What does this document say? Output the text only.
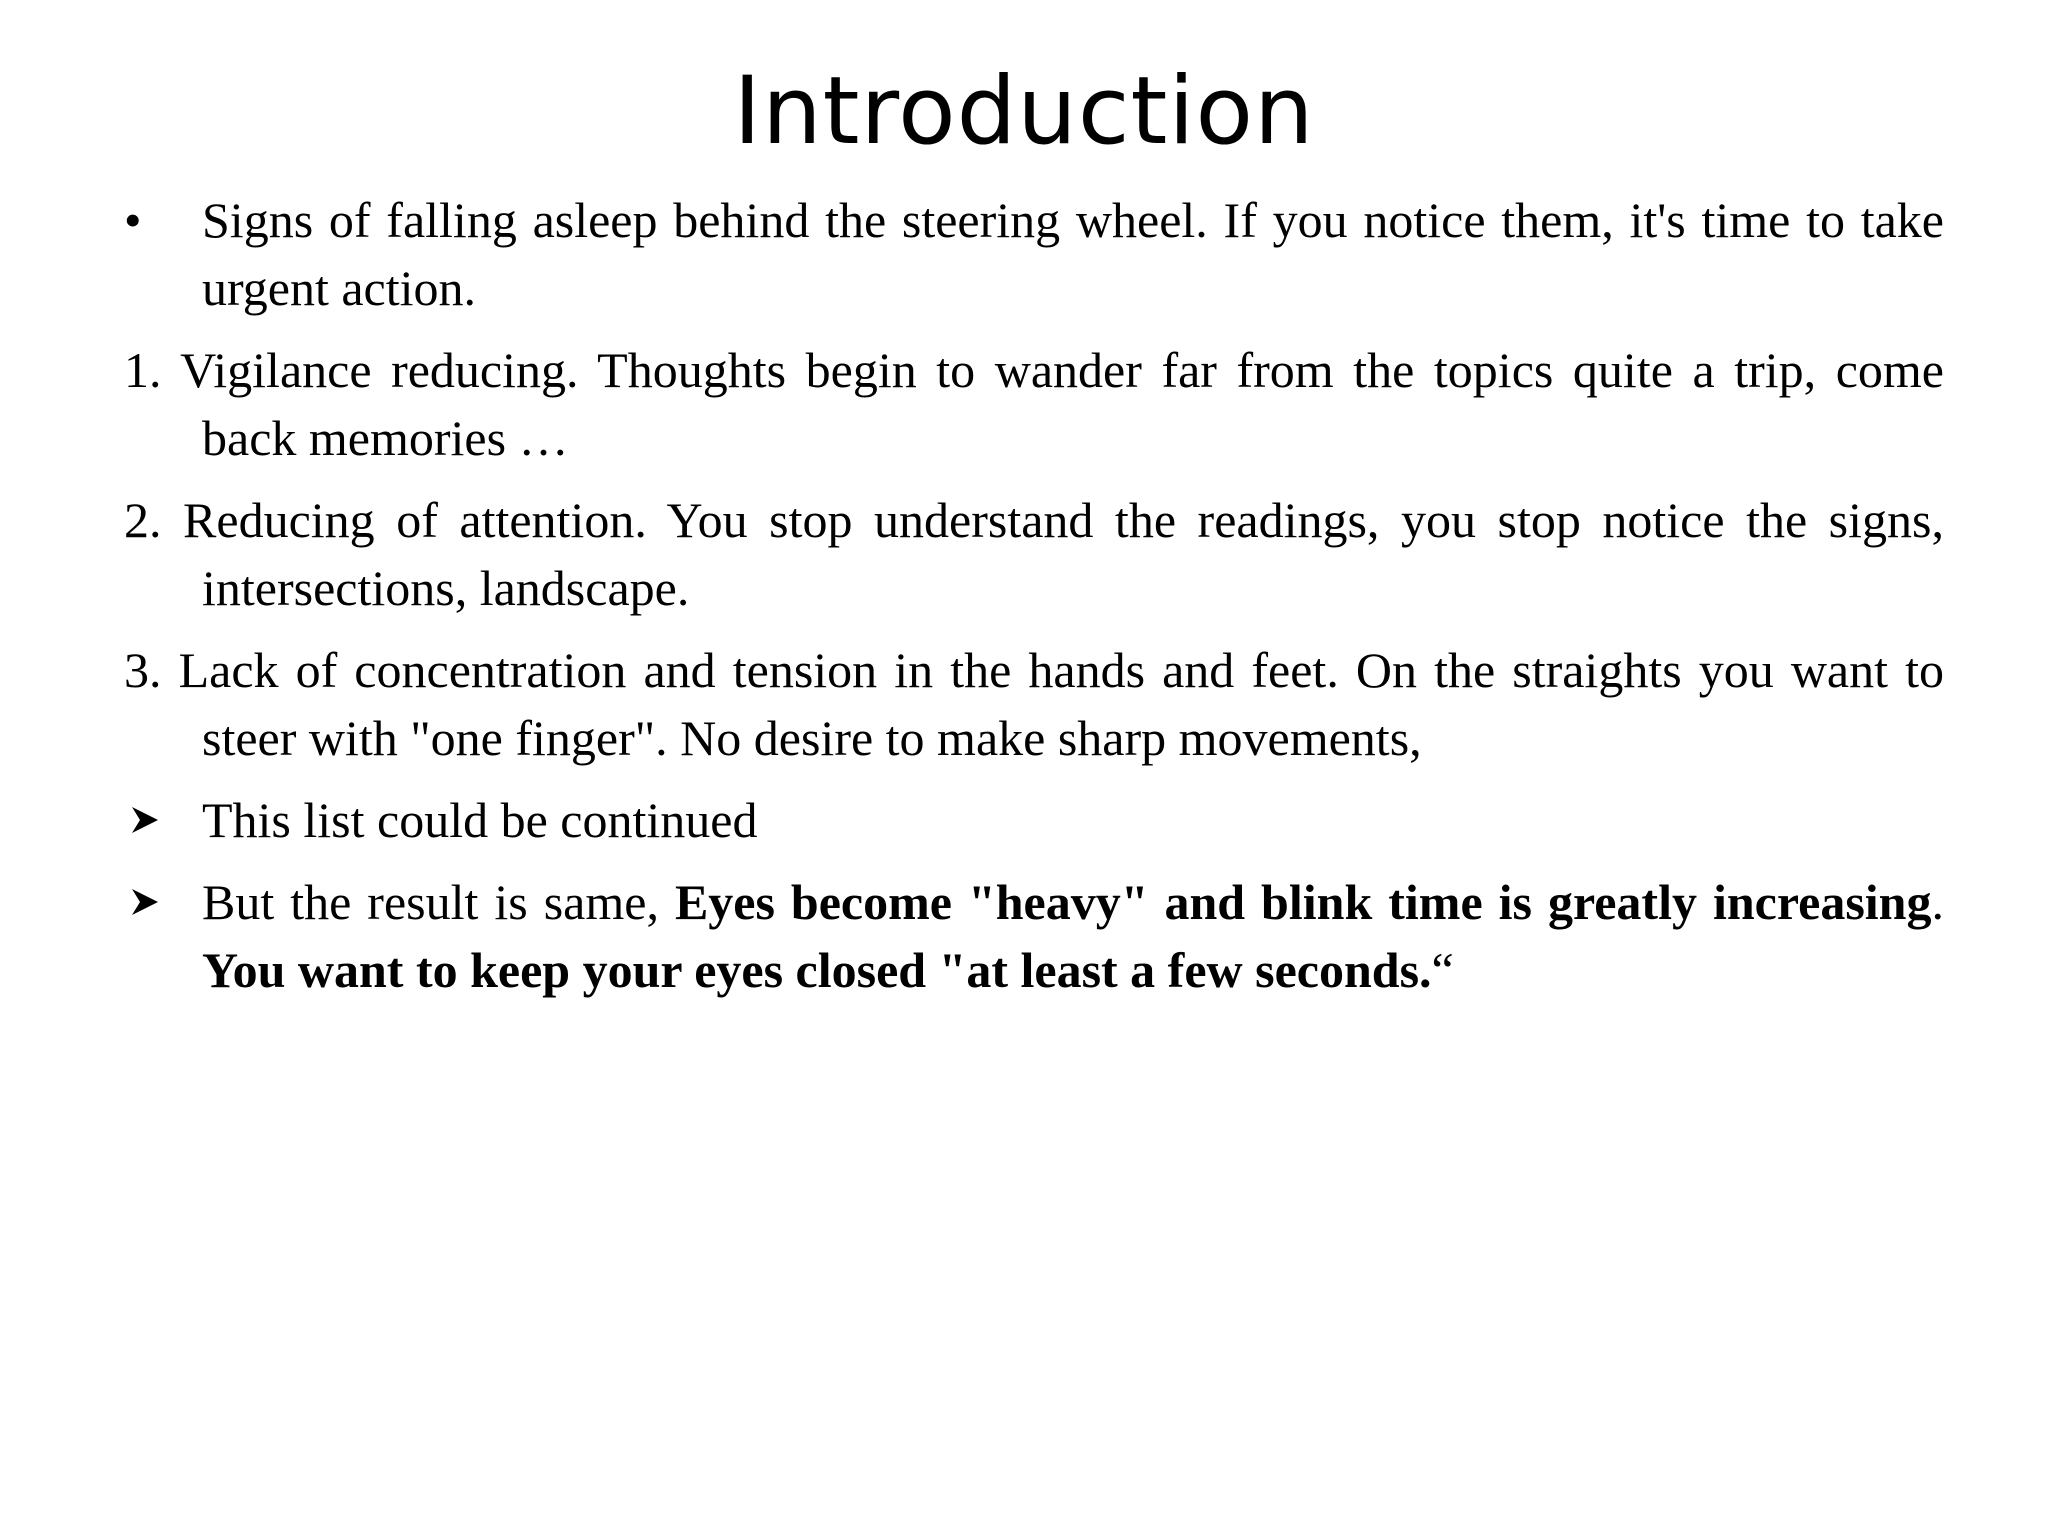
Introduction
•	Signs of falling asleep behind the steering wheel. If you notice them, it's time to take urgent action.
1. Vigilance reducing. Thoughts begin to wander far from the topics quite a trip, come back memories …
2. Reducing of attention. You stop understand the readings, you stop notice the signs, intersections, landscape.
3. Lack of concentration and tension in the hands and feet. On the straights you want to steer with "one finger". No desire to make sharp movements,
This list could be continued
But the result is same, Eyes become "heavy" and blink time is greatly increasing. You want to keep your eyes closed "at least a few seconds.“
